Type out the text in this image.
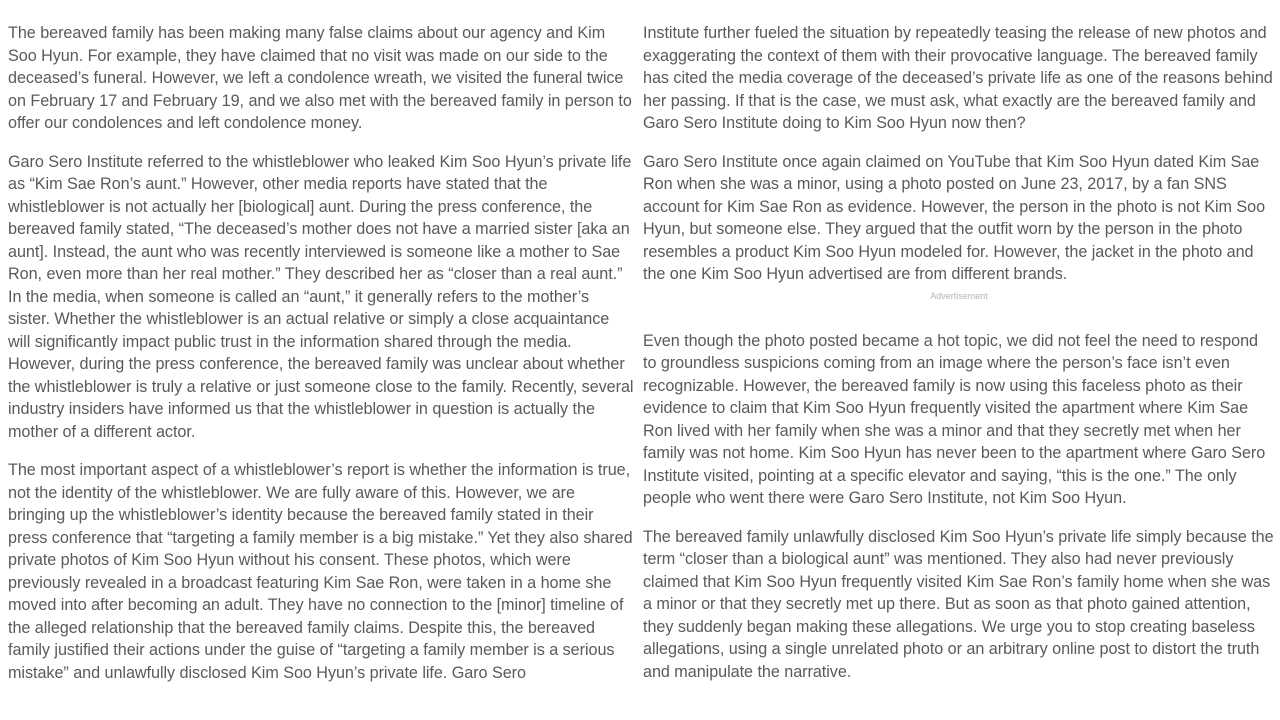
The bereaved family has been making many false claims about our agency and Kim Soo Hyun. For example, they have claimed that no visit was made on our side to the deceased’s funeral. However, we left a condolence wreath, we visited the funeral twice on February 17 and February 19, and we also met with the bereaved family in person to offer our condolences and left condolence money.

Garo Sero Institute referred to the whistleblower who leaked Kim Soo Hyun’s private life as “Kim Sae Ron’s aunt.” However, other media reports have stated that the whistleblower is not actually her [biological] aunt. During the press conference, the bereaved family stated, “The deceased’s mother does not have a married sister [aka an aunt]. Instead, the aunt who was recently interviewed is someone like a mother to Sae Ron, even more than her real mother.” They described her as “closer than a real aunt.” In the media, when someone is called an “aunt,” it generally refers to the mother’s sister. Whether the whistleblower is an actual relative or simply a close acquaintance will significantly impact public trust in the information shared through the media. However, during the press conference, the bereaved family was unclear about whether the whistleblower is truly a relative or just someone close to the family. Recently, several industry insiders have informed us that the whistleblower in question is actually the mother of a different actor.

The most important aspect of a whistleblower’s report is whether the information is true, not the identity of the whistleblower. We are fully aware of this. However, we are bringing up the whistleblower’s identity because the bereaved family stated in their press conference that “targeting a family member is a big mistake.” Yet they also shared private photos of Kim Soo Hyun without his consent. These photos, which were previously revealed in a broadcast featuring Kim Sae Ron, were taken in a home she moved into after becoming an adult. They have no connection to the [minor] timeline of the alleged relationship that the bereaved family claims. Despite this, the bereaved family justified their actions under the guise of “targeting a family member is a serious mistake” and unlawfully disclosed Kim Soo Hyun’s private life. Garo Sero

Institute further fueled the situation by repeatedly teasing the release of new photos and exaggerating the context of them with their provocative language. The bereaved family has cited the media coverage of the deceased’s private life as one of the reasons behind her passing. If that is the case, we must ask, what exactly are the bereaved family and Garo Sero Institute doing to Kim Soo Hyun now then?

Garo Sero Institute once again claimed on YouTube that Kim Soo Hyun dated Kim Sae Ron when she was a minor, using a photo posted on June 23, 2017, by a fan SNS account for Kim Sae Ron as evidence. However, the person in the photo is not Kim Soo Hyun, but someone else. They argued that the outfit worn by the person in the photo resembles a product Kim Soo Hyun modeled for. However, the jacket in the photo and the one Kim Soo Hyun advertised are from different brands.

Advertisement

Even though the photo posted became a hot topic, we did not feel the need to respond to groundless suspicions coming from an image where the person’s face isn’t even recognizable. However, the bereaved family is now using this faceless photo as their evidence to claim that Kim Soo Hyun frequently visited the apartment where Kim Sae Ron lived with her family when she was a minor and that they secretly met when her family was not home. Kim Soo Hyun has never been to the apartment where Garo Sero Institute visited, pointing at a specific elevator and saying, “this is the one.” The only people who went there were Garo Sero Institute, not Kim Soo Hyun.

The bereaved family unlawfully disclosed Kim Soo Hyun’s private life simply because the term “closer than a biological aunt” was mentioned. They also had never previously claimed that Kim Soo Hyun frequently visited Kim Sae Ron’s family home when she was a minor or that they secretly met up there. But as soon as that photo gained attention, they suddenly began making these allegations. We urge you to stop creating baseless allegations, using a single unrelated photo or an arbitrary online post to distort the truth and manipulate the narrative.
